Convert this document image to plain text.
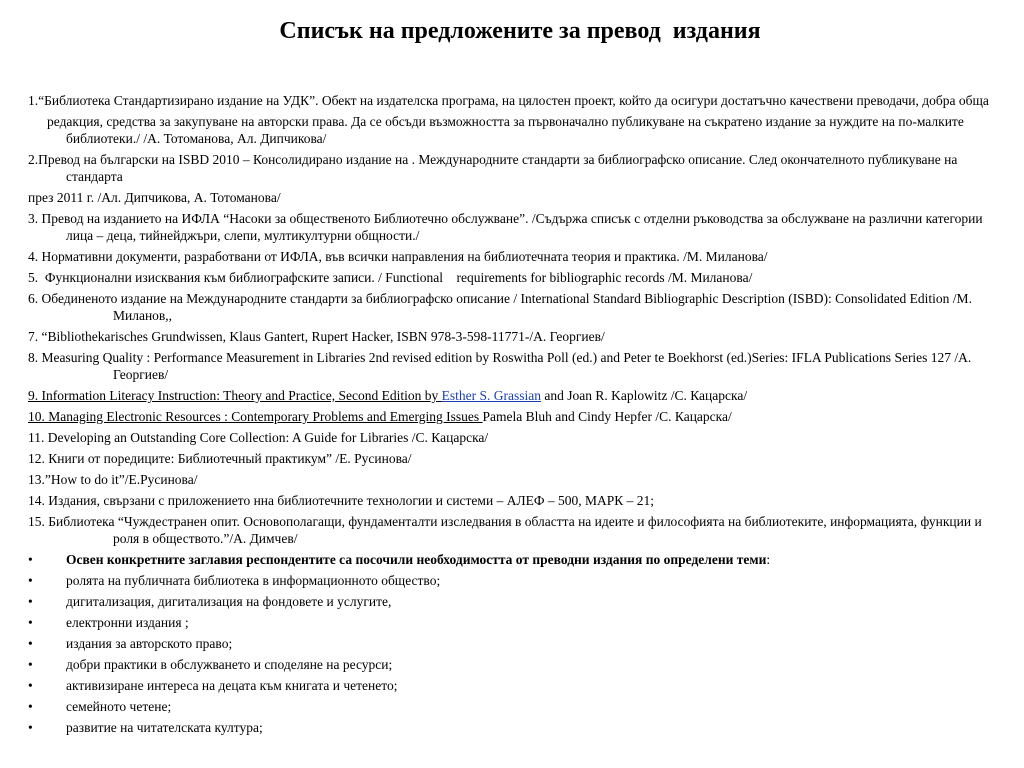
Списък на предложените за превод  издания

1.“Библиотека Стандартизирано издание на УДК”. Обект на издателска програма, на цялостен проект, който да осигури достатъчно качествени преводачи, добра обща

редакция, средства за закупуване на авторски права. Да се обсъди възможността за първоначално публикуване на съкратено издание за нуждите на по-малките библиотеки./ /А. Тотоманова, Ал. Дипчикова/

2.Превод на български на ISBD 2010 – Консолидирано издание на . Международните стандарти за библиографско описание. След окончателното публикуване на стандарта

през 2011 г. /Ал. Дипчикова, А. Тотоманова/

3. Превод на изданието на ИФЛА “Насоки за общественото Библиотечно обслужване”. /Съдържа списък с отделни ръководства за обслужване на различни категории лица – деца, тийнейджъри, слепи, мултикултурни общности./

4. Нормативни документи, разработвани от ИФЛА, във всички направления на библиотечната теория и практика. /М. Миланова/

5.  Функционални изисквания към библиографските записи. / Functional    requirements for bibliographic records /М. Миланова/

6. Обединеното издание на Международните стандарти за библиографско описание / International Standard Bibliographic Description (ISBD): Consolidated Edition /М. Миланов,,

7. “Bibliothekarisches Grundwissen, Klaus Gantert, Rupert Hacker, ISBN 978-3-598-11771-/А. Георгиев/

8. Measuring Quality : Performance Measurement in Libraries 2nd revised edition by Roswitha Poll (ed.) and Peter te Boekhorst (ed.)Series: IFLA Publications Series 127 /А. Георгиев/

9. Information Literacy Instruction: Theory and Practice, Second Edition by Esther S. Grassian and Joan R. Kaplowitz /С. Кацарска/

10. Managing Electronic Resources : Contemporary Problems and Emerging Issues Pamela Bluh and Cindy Hepfer /С. Кацарска/

11. Developing an Outstanding Core Collection: A Guide for Libraries /С. Кацарска/

12. Книги от поредиците: Библиотечный практикум” /Е. Русинова/

13.”How to do it”/Е.Русинова/

14. Издания, свързани с приложението нна библиотечните технологии и системи – АЛЕФ – 500, МАРК – 21;

15. Библиотека “Чуждестранен опит. Основополагащи, фундаменталти изследвания в областта на идеите и философията на библиотеките, информацията, функции и роля в обществото.”/А. Димчев/

•	Освен конкретните заглавия респондентите са посочили необходимостта от преводни издания по определени теми:
•	ролята на публичната библиотека в информационното общество;
•	дигитализация, дигитализация на фондовете и услугите,
•	електронни издания ;
•	издания за авторското право;
•	добри практики в обслужването и споделяне на ресурси;
•	активизиране интереса на децата към книгата и четенето;
•	семейното четене;
•	развитие на читателската култура;
